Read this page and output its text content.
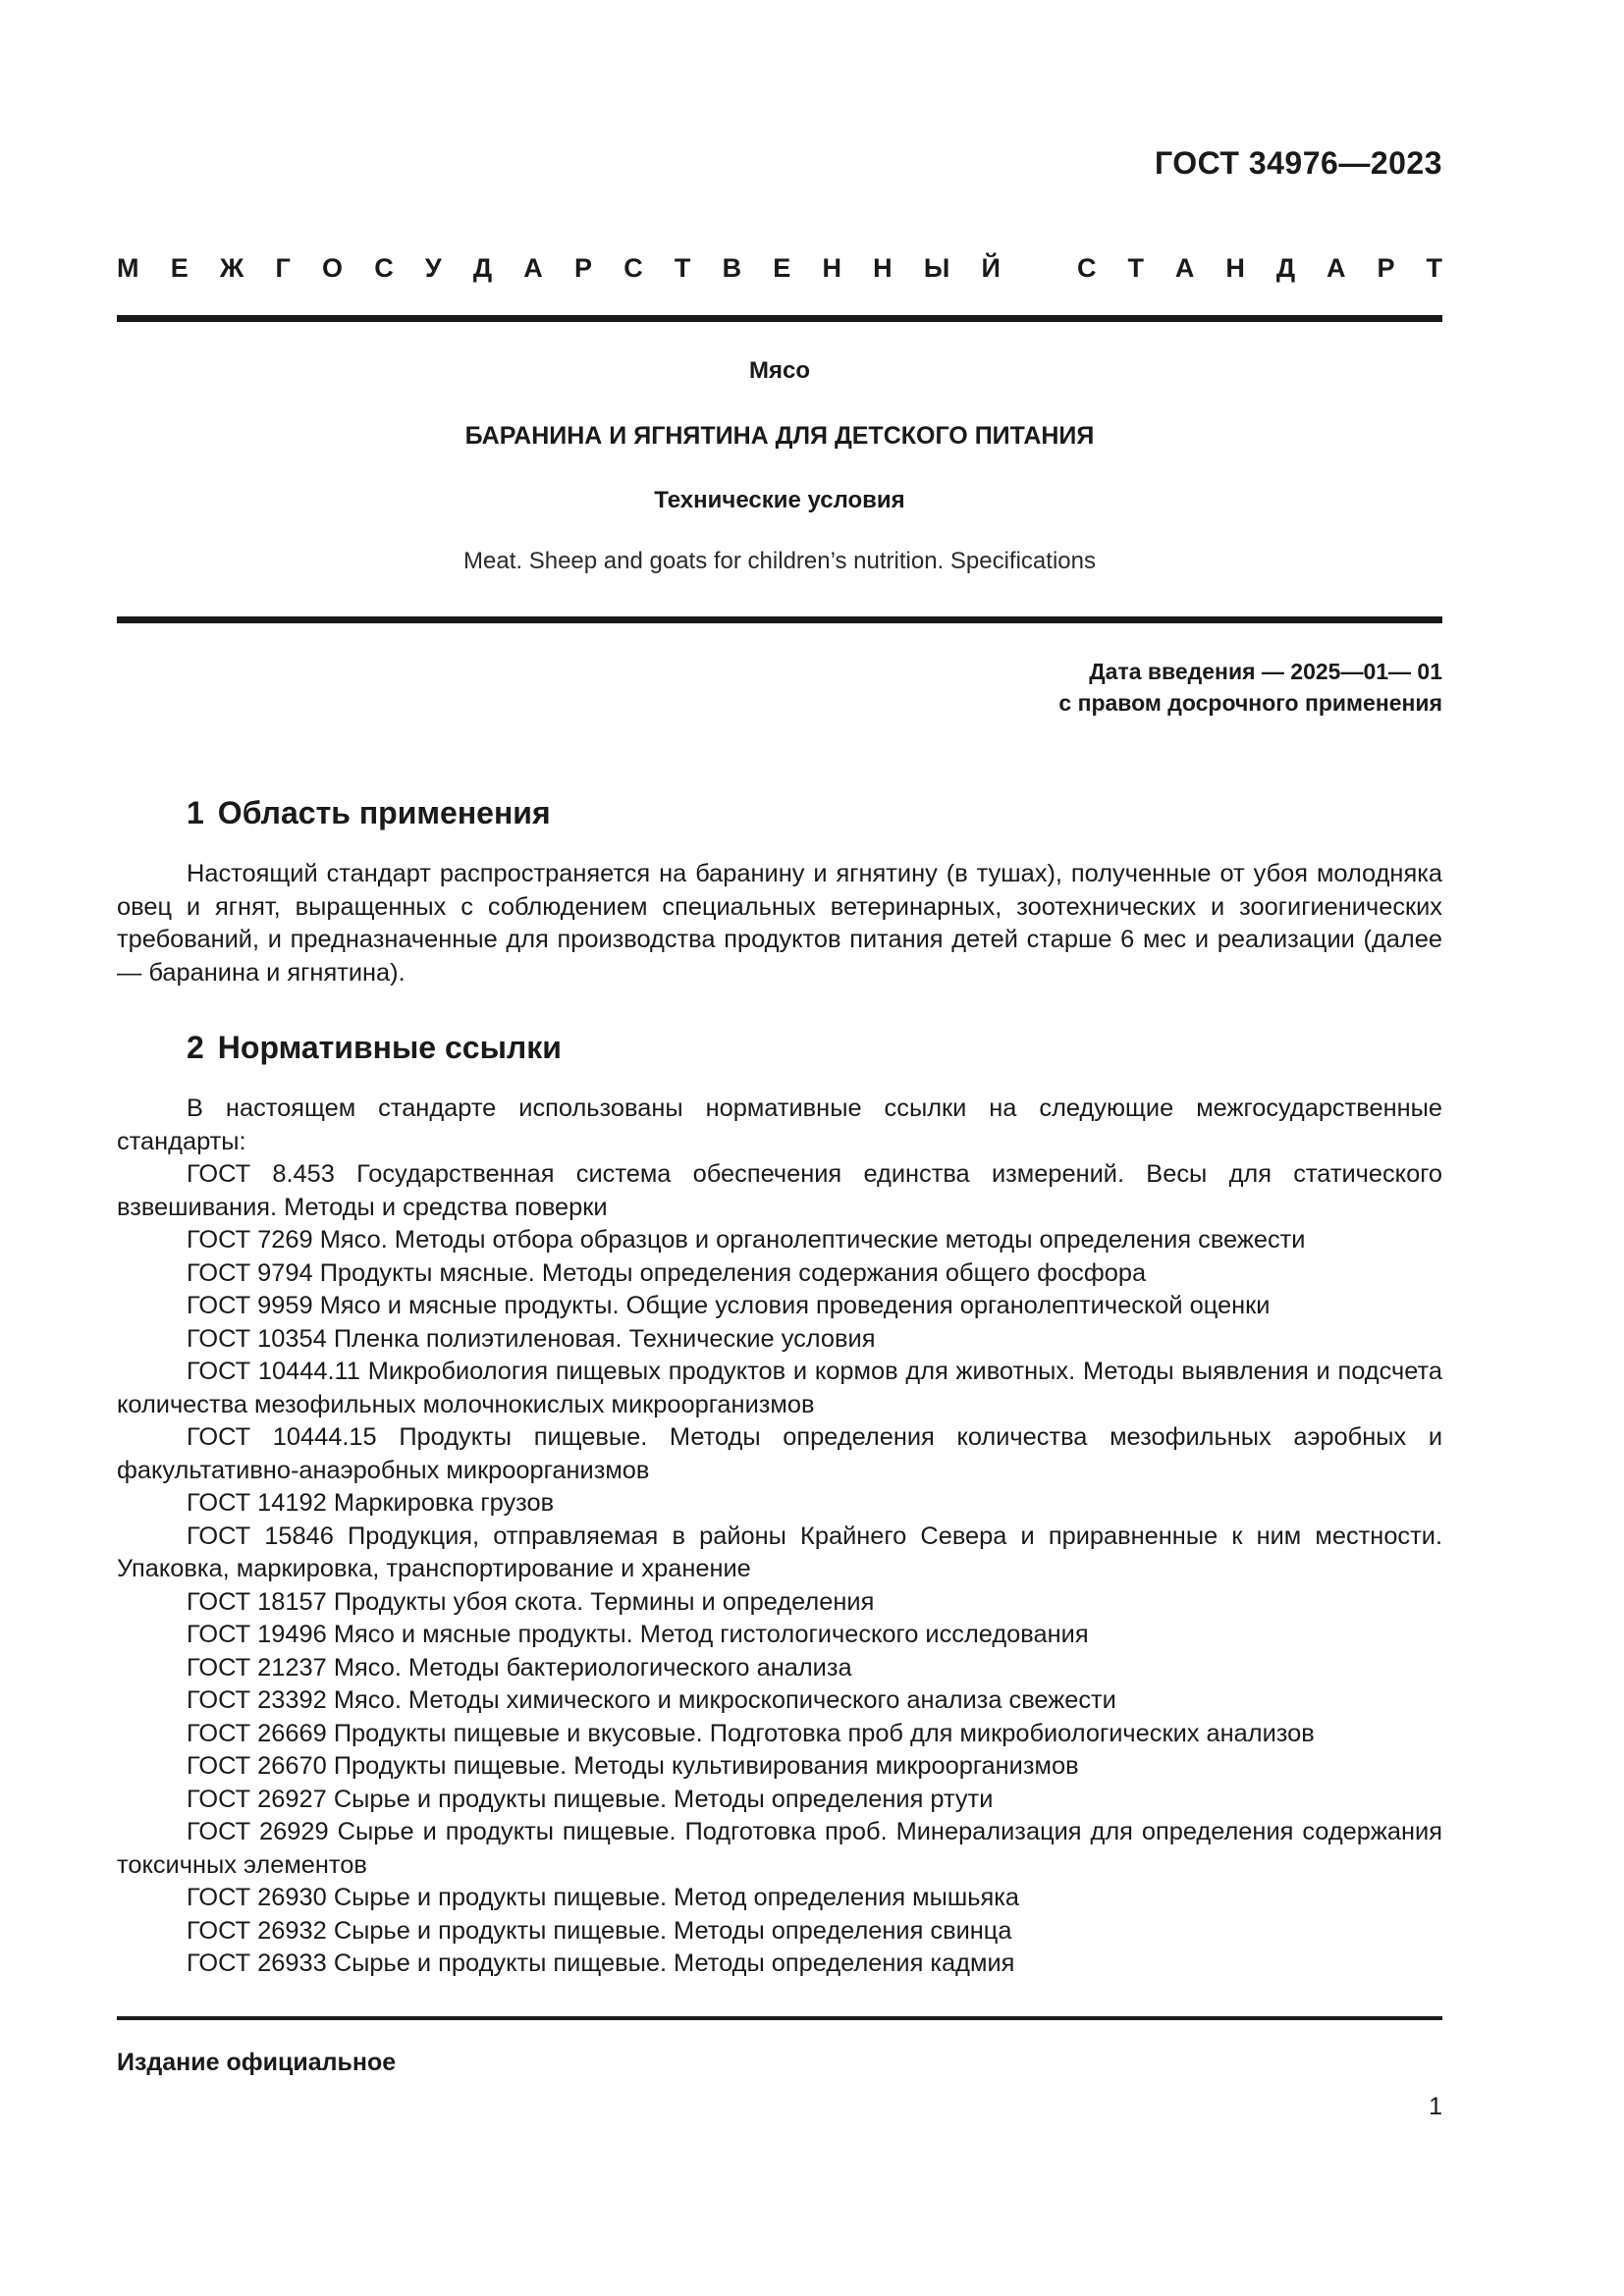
ГОСТ 34976—2023
М Е Ж Г О С У Д А Р С Т В Е Н Н Ы Й	С Т А Н Д А Р Т
Мясо
БАРАНИНА И ЯГНЯТИНА ДЛЯ ДЕТСКОГО ПИТАНИЯ
Технические условия
Meat. Sheep and goats for children’s nutrition. Specifications
Дата введения — 2025—01— 01
с правом досрочного применения
1 Область применения

Настоящий стандарт распространяется на баранину и ягнятину (в тушах), полученные от убоя молодняка овец и ягнят, выращенных с соблюдением специальных ветеринарных, зоотехнических и зоогигиенических требований, и предназначенные для производства продуктов питания детей старше 6 мес и реализации (далее — баранина и ягнятина).

2 Нормативные ссылки

В настоящем стандарте использованы нормативные ссылки на следующие межгосударственные стандарты:

ГОСТ 8.453 Государственная система обеспечения единства измерений. Весы для статического взвешивания. Методы и средства поверки

ГОСТ 7269 Мясо. Методы отбора образцов и органолептические методы определения свежести

ГОСТ 9794 Продукты мясные. Методы определения содержания общего фосфора

ГОСТ 9959 Мясо и мясные продукты. Общие условия проведения органолептической оценки

ГОСТ 10354 Пленка полиэтиленовая. Технические условия

ГОСТ 10444.11 Микробиология пищевых продуктов и кормов для животных. Методы выявления и подсчета количества мезофильных молочнокислых микроорганизмов

ГОСТ 10444.15 Продукты пищевые. Методы определения количества мезофильных аэробных и факультативно-анаэробных микроорганизмов

ГОСТ 14192 Маркировка грузов

ГОСТ 15846 Продукция, отправляемая в районы Крайнего Севера и приравненные к ним местности. Упаковка, маркировка, транспортирование и хранение

ГОСТ 18157 Продукты убоя скота. Термины и определения

ГОСТ 19496 Мясо и мясные продукты. Метод гистологического исследования

ГОСТ 21237 Мясо. Методы бактериологического анализа

ГОСТ 23392 Мясо. Методы химического и микроскопического анализа свежести

ГОСТ 26669 Продукты пищевые и вкусовые. Подготовка проб для микробиологических анализов

ГОСТ 26670 Продукты пищевые. Методы культивирования микроорганизмов

ГОСТ 26927 Сырье и продукты пищевые. Методы определения ртути

ГОСТ 26929 Сырье и продукты пищевые. Подготовка проб. Минерализация для определения содержания токсичных элементов

ГОСТ 26930 Сырье и продукты пищевые. Метод определения мышьяка

ГОСТ 26932 Сырье и продукты пищевые. Методы определения свинца

ГОСТ 26933 Сырье и продукты пищевые. Методы определения кадмия

Издание официальное
1
